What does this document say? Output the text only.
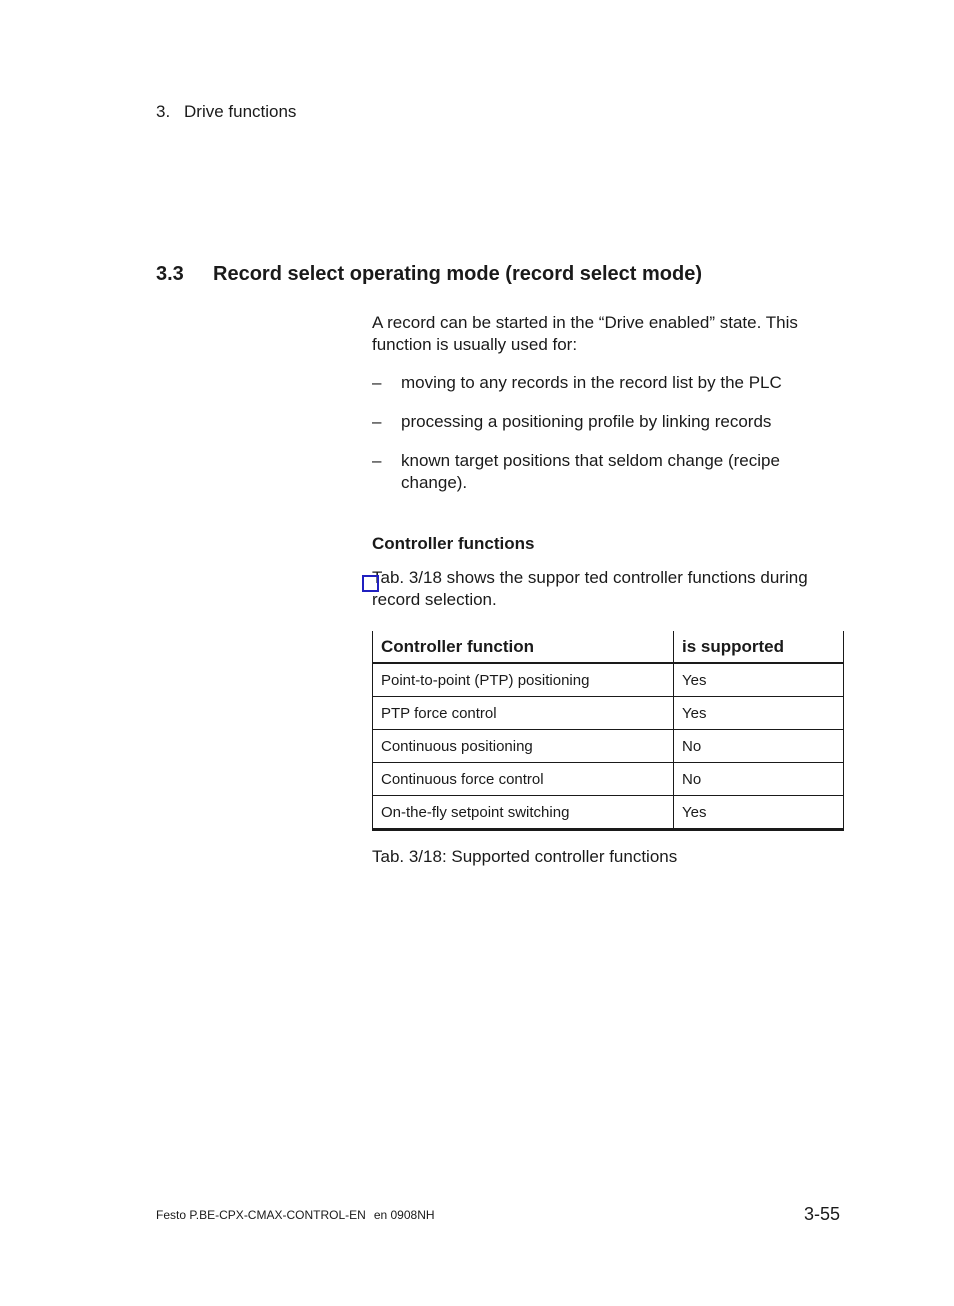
3. Drive functions
3.3 Record select operating mode (record select mode)
A record can be started in the “Drive enabled” state. This function is usually used for:
– moving to any records in the record list by the PLC
– processing a positioning profile by linking records
– known target positions that seldom change (recipe change).
Controller functions
Tab. 3/18 shows the suppor ted controller functions during record selection.
Controller function	is supported
Point-to-point (PTP) positioning	Yes
PTP force control	Yes
Continuous positioning	No
Continuous force control	No
On-the-fly setpoint switching	Yes
Tab. 3/18: Supported controller functions
Festo P.BE-CPX-CMAX-CONTROL-EN en 0908NH	3-55
